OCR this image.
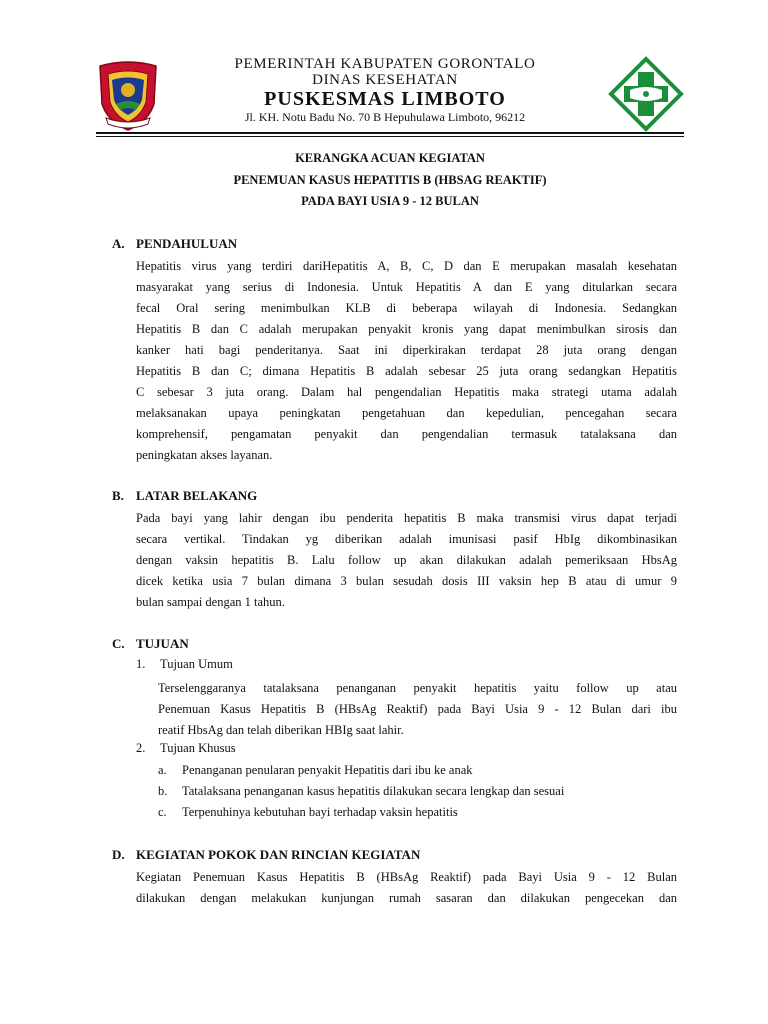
PEMERINTAH KABUPATEN GORONTALO
DINAS KESEHATAN
PUSKESMAS LIMBOTO
Jl. KH. Notu Badu No. 70 B Hepuhulawa Limboto, 96212
KERANGKA ACUAN KEGIATAN
PENEMUAN KASUS HEPATITIS B (HBSAG REAKTIF)
PADA BAYI USIA 9 - 12 BULAN
A. PENDAHULUAN
Hepatitis virus yang terdiri dariHepatitis A, B, C, D dan E merupakan masalah kesehatan
masyarakat yang serius di Indonesia. Untuk Hepatitis A dan E yang ditularkan secara
fecal Oral sering menimbulkan KLB di beberapa wilayah di Indonesia. Sedangkan
Hepatitis B dan C adalah merupakan penyakit kronis yang dapat menimbulkan sirosis dan
kanker hati bagi penderitanya. Saat ini diperkirakan terdapat 28 juta orang dengan
Hepatitis B dan C; dimana Hepatitis B adalah sebesar 25 juta orang sedangkan Hepatitis
C sebesar 3 juta orang. Dalam hal pengendalian Hepatitis maka strategi utama adalah
melaksanakan upaya peningkatan pengetahuan dan kepedulian, pencegahan secara
komprehensif, pengamatan penyakit dan pengendalian termasuk tatalaksana dan
peningkatan akses layanan.
B. LATAR BELAKANG
Pada bayi yang lahir dengan ibu penderita hepatitis B maka transmisi virus dapat terjadi
secara vertikal. Tindakan yg diberikan adalah imunisasi pasif HbIg dikombinasikan
dengan vaksin hepatitis B. Lalu follow up akan dilakukan adalah pemeriksaan HbsAg
dicek ketika usia 7 bulan dimana 3 bulan sesudah dosis III vaksin hep B atau di umur 9
bulan sampai dengan 1 tahun.
C. TUJUAN
1. Tujuan Umum
Terselenggaranya tatalaksana penanganan penyakit hepatitis yaitu follow up atau
Penemuan Kasus Hepatitis B (HBsAg Reaktif) pada Bayi Usia 9 - 12 Bulan dari ibu
reatif HbsAg dan telah diberikan HBIg saat lahir.
2. Tujuan Khusus
a. Penanganan penularan penyakit Hepatitis dari ibu ke anak
b. Tatalaksana penanganan kasus hepatitis dilakukan secara lengkap dan sesuai
c. Terpenuhinya kebutuhan bayi terhadap vaksin hepatitis
D. KEGIATAN POKOK DAN RINCIAN KEGIATAN
Kegiatan Penemuan Kasus Hepatitis B (HBsAg Reaktif) pada Bayi Usia 9 - 12 Bulan
dilakukan dengan melakukan kunjungan rumah sasaran dan dilakukan pengecekan dan
